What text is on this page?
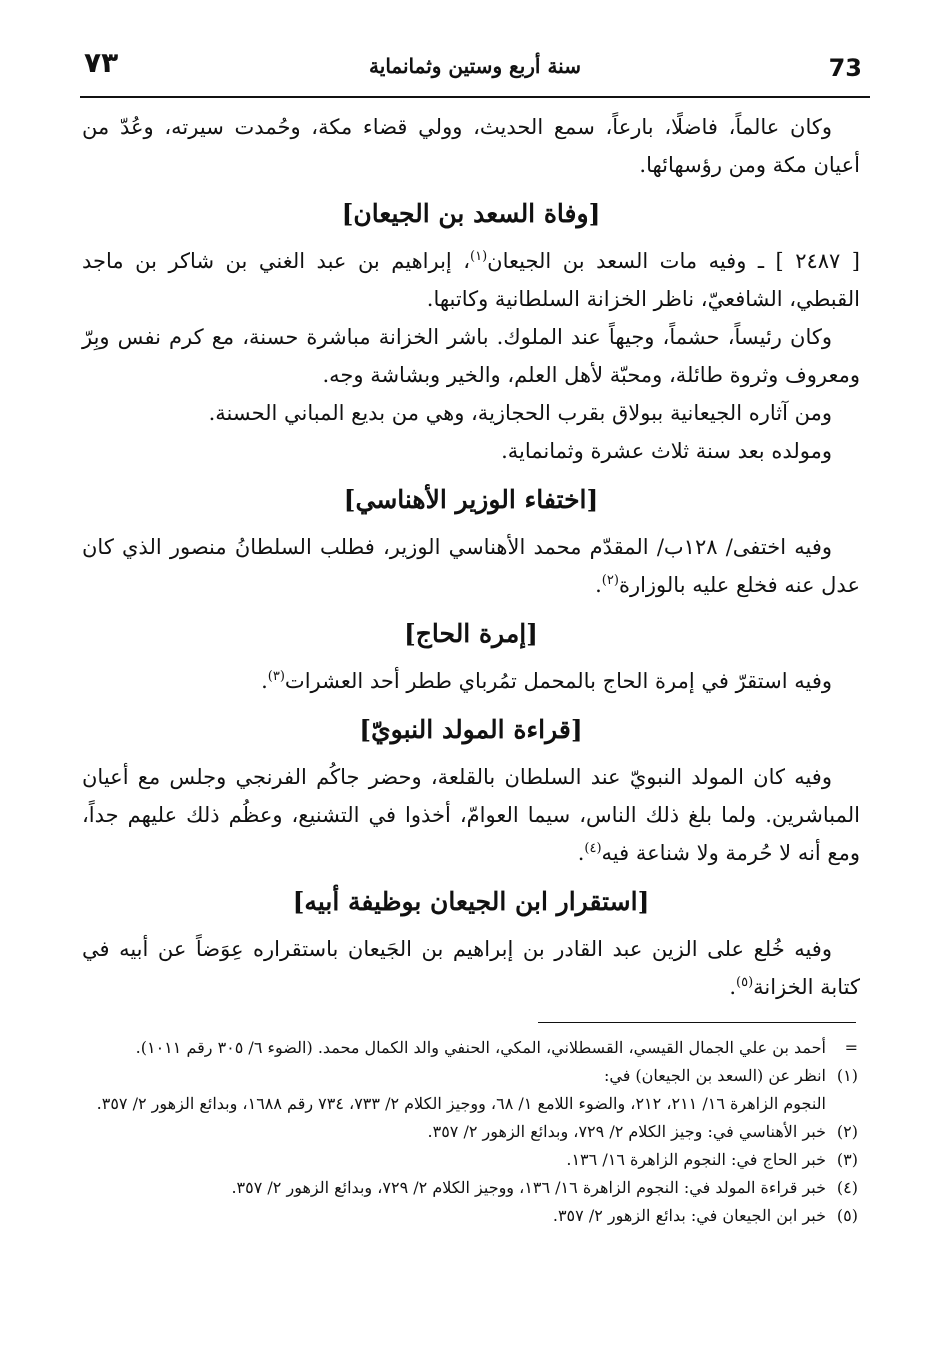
٧٣	سنة أربع وستين وثمانماية	73

وكان عالماً، فاضلًا، بارعاً، سمع الحديث، وولي قضاء مكة، وحُمدت سيرته، وعُدّ من أعيان مكة ومن رؤسهائها.

[وفاة السعد بن الجيعان]

[ ٢٤٨٧ ] ـ وفيه مات السعد بن الجيعان$^{(١)}$، إبراهيم بن عبد الغني بن شاكر بن ماجد القبطي، الشافعيّ، ناظر الخزانة السلطانية وكاتبها.

وكان رئيساً، حشماً، وجيهاً عند الملوك. باشر الخزانة مباشرة حسنة، مع كرم نفس وبِرّ ومعروف وثروة طائلة، ومحبّة لأهل العلم، والخير وبشاشة وجه.

ومن آثاره الجيعانية ببولاق بقرب الحجازية، وهي من بديع المباني الحسنة.

ومولده بعد سنة ثلاث عشرة وثمانماية.

[اختفاء الوزير الأهناسي]

وفيه اختفى/ ١٢٨ب/ المقدّم محمد الأهناسي الوزير، فطلب السلطانُ منصور الذي كان عدل عنه فخلع عليه بالوزارة$^{(٢)}$.

[إمرة الحاج]

وفيه استقرّ في إمرة الحاج بالمحمل تمُرباي ططر أحد العشرات$^{(٣)}$.

[قراءة المولد النبويّ]

وفيه كان المولد النبويّ عند السلطان بالقلعة، وحضر جاكُم الفرنجي وجلس مع أعيان المباشرين. ولما بلغ ذلك الناس، سيما العوامّ، أخذوا في التشنيع، وعظُم ذلك عليهم جداً، ومع أنه لا حُرمة ولا شناعة فيه$^{(٤)}$.

[استقرار ابن الجيعان بوظيفة أبيه]

وفيه خُلع على الزين عبد القادر بن إبراهيم بن الجَيعان باستقراره عِوَضاً عن أبيه في كتابة الخزانة$^{(٥)}$.

=
أحمد بن علي الجمال القيسي، القسطلاني، المكي، الحنفي والد الكمال محمد. (الضوء ٦/ ٣٠٥ رقم ١٠١١).
(١)
انظر عن (السعد بن الجيعان) في:
النجوم الزاهرة ١٦/ ٢١١، ٢١٢، والضوء اللامع ١/ ٦٨، ووجيز الكلام ٢/ ٧٣٣، ٧٣٤ رقم ١٦٨٨، وبدائع الزهور ٢/ ٣٥٧.
(٢)
خبر الأهناسي في: وجيز الكلام ٢/ ٧٢٩، وبدائع الزهور ٢/ ٣٥٧.
(٣)
خبر الحاج في: النجوم الزاهرة ١٦/ ١٣٦.
(٤)
خبر قراءة المولد في: النجوم الزاهرة ١٦/ ١٣٦، ووجيز الكلام ٢/ ٧٢٩، وبدائع الزهور ٢/ ٣٥٧.
(٥)
خبر ابن الجيعان في: بدائع الزهور ٢/ ٣٥٧.
